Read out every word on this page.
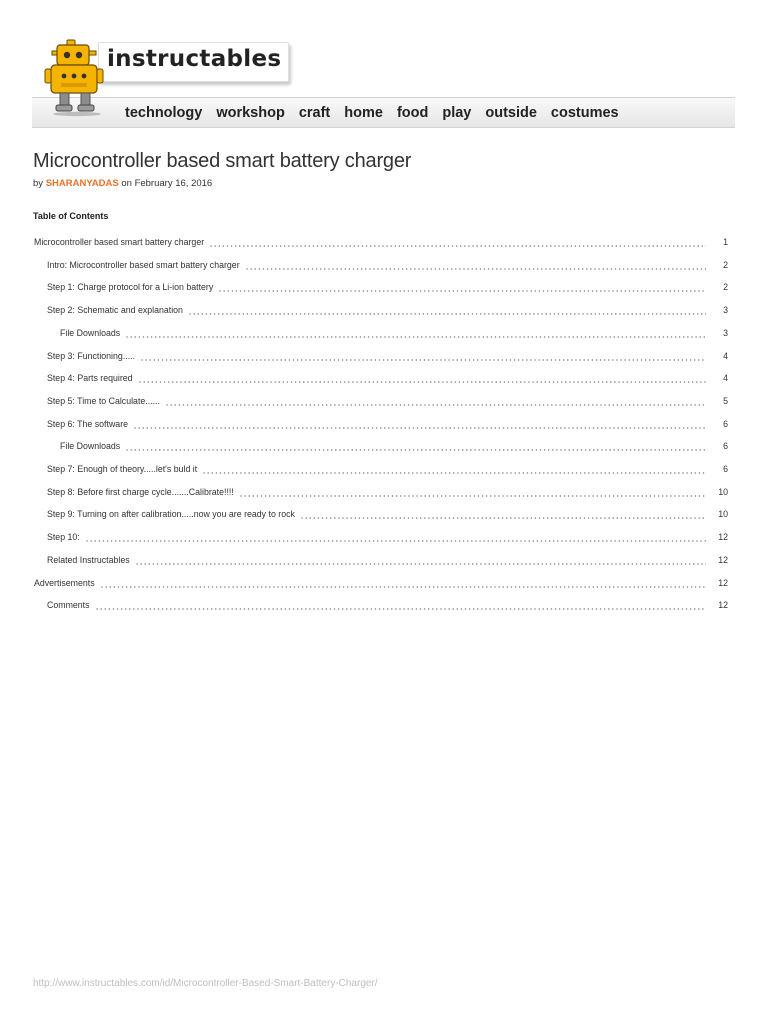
technology workshop craft home food play outside costumes
instructables
Microcontroller based smart battery charger
by SHARANYADAS on February 16, 2016
Table of Contents
Microcontroller based smart battery charger	1
Intro: Microcontroller based smart battery charger	2
Step 1: Charge protocol for a Li-ion battery	2
Step 2: Schematic and explanation	3
File Downloads	3
Step 3: Functioning.....	4
Step 4: Parts required	4
Step 5: Time to Calculate......	5
Step 6: The software	6
File Downloads	6
Step 7: Enough of theory.....let's buld it	6
Step 8: Before first charge cycle.......Calibrate!!!!	10
Step 9: Turning on after calibration.....now you are ready to rock	10
Step 10:	12
Related Instructables	12
Advertisements	12
Comments	12
http://www.instructables.com/id/Microcontroller-Based-Smart-Battery-Charger/
